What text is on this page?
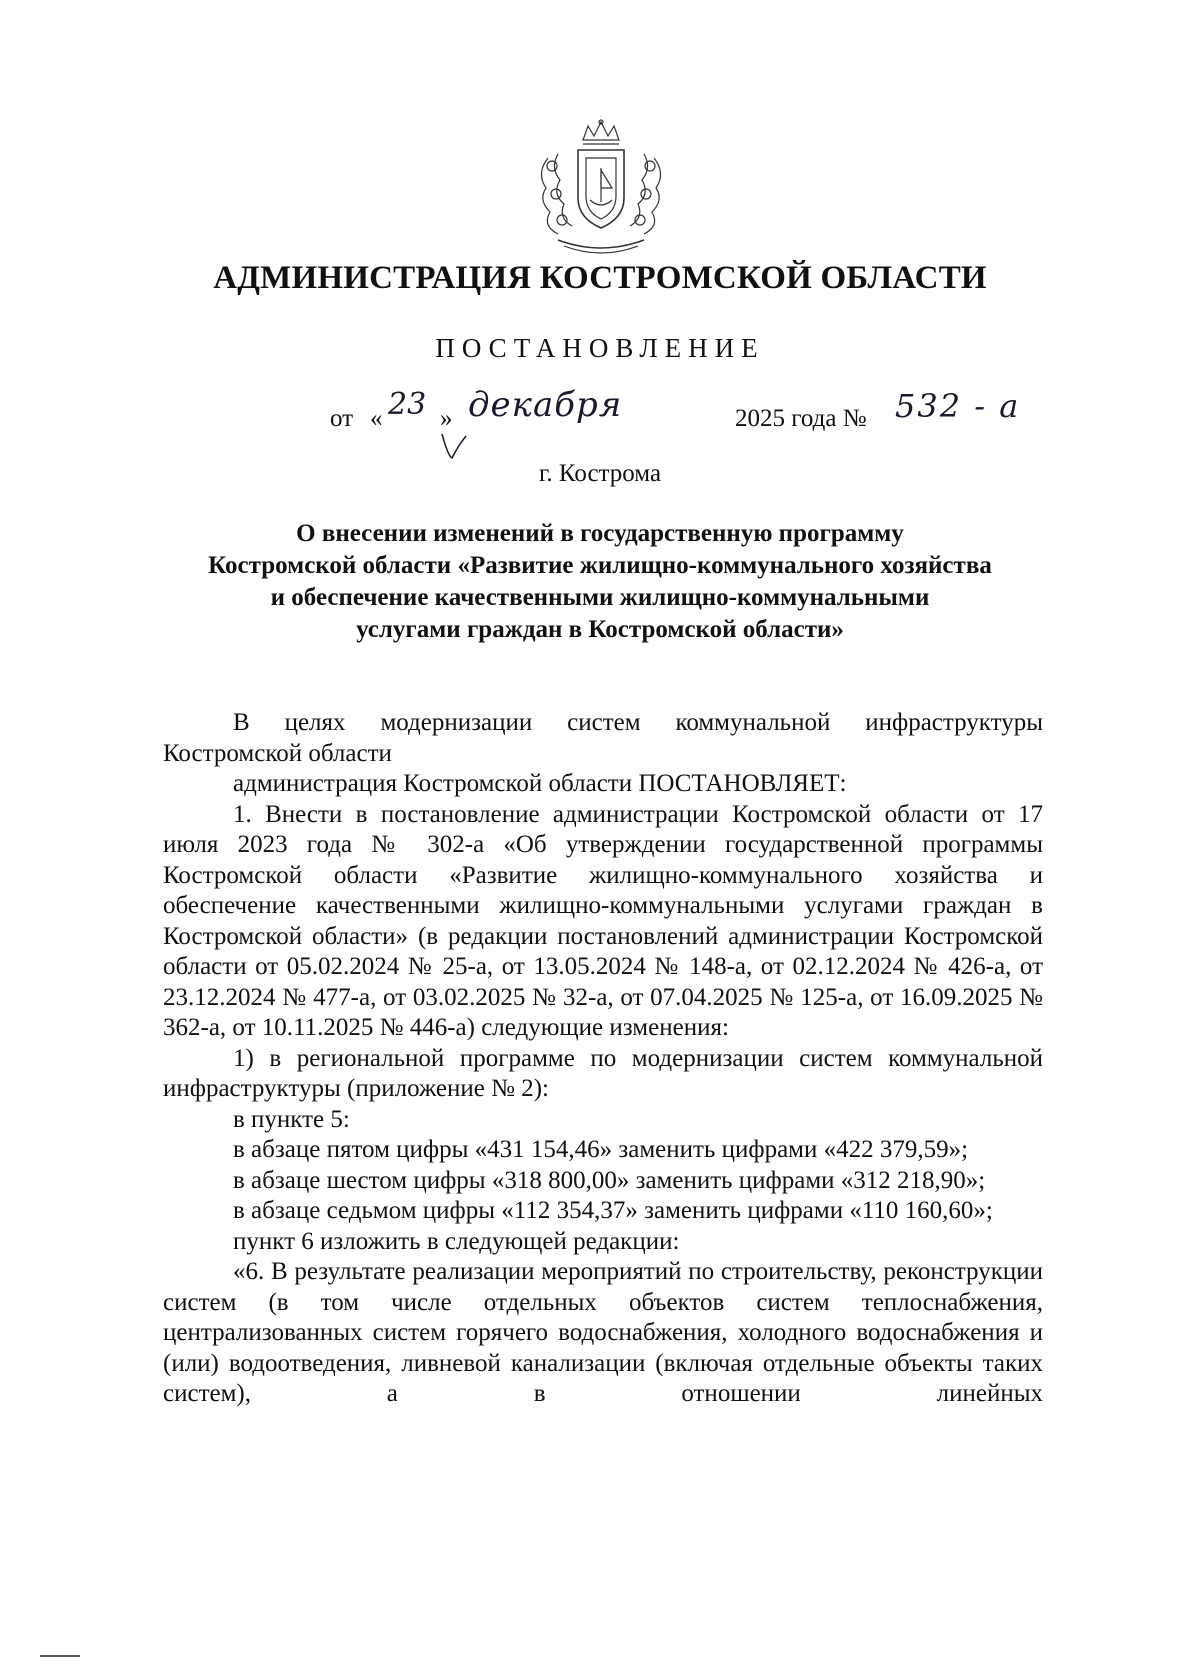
АДМИНИСТРАЦИЯ КОСТРОМСКОЙ ОБЛАСТИ
ПОСТАНОВЛЕНИЕ
от « 23 » декабря	2025 года № 532 - а
г. Кострома
О внесении изменений в государственную программу
Костромской области «Развитие жилищно-коммунального хозяйства
и обеспечение качественными жилищно-коммунальными
услугами граждан в Костромской области»

В целях модернизации систем коммунальной инфраструктуры Костромской области

администрация Костромской области ПОСТАНОВЛЯЕТ:

1. Внести в постановление администрации Костромской области от 17 июля 2023 года № 302-а «Об утверждении государственной программы Костромской области «Развитие жилищно-коммунального хозяйства и обеспечение качественными жилищно-коммунальными услугами граждан в Костромской области» (в редакции постановлений администрации Костромской области от 05.02.2024 № 25-а, от 13.05.2024 № 148-а, от 02.12.2024 № 426-а, от 23.12.2024 № 477-а, от 03.02.2025 № 32-а, от 07.04.2025 № 125-а, от 16.09.2025 № 362-а, от 10.11.2025 № 446-а) следующие изменения:

1) в региональной программе по модернизации систем коммунальной инфраструктуры (приложение № 2):

в пункте 5:

в абзаце пятом цифры «431 154,46» заменить цифрами «422 379,59»;

в абзаце шестом цифры «318 800,00» заменить цифрами «312 218,90»;

в абзаце седьмом цифры «112 354,37» заменить цифрами «110 160,60»;

пункт 6 изложить в следующей редакции:

«6. В результате реализации мероприятий по строительству, реконструкции систем (в том числе отдельных объектов систем теплоснабжения, централизованных систем горячего водоснабжения, холодного водоснабжения и (или) водоотведения, ливневой канализации (включая отдельные объекты таких систем), а в отношении линейных
